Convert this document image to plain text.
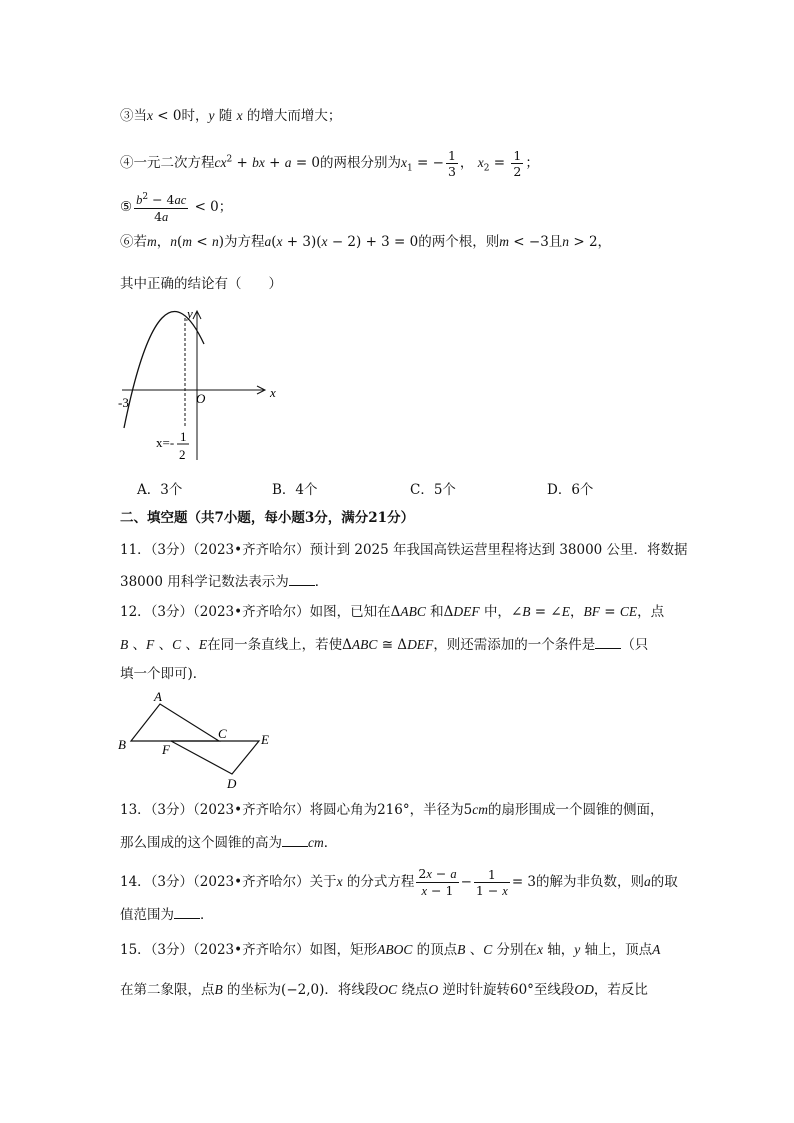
③当x < 0时，y 随 x 的增大而增大；
④一元二次方程$cx^2$ + bx + a = 0的两根分别为$x_1$ = − $\frac{1}{3}$ ， $x_2 = \frac{1}{2}$ ；
⑤ $\frac{b^2 - 4ac}{4a} < 0$；
⑥若m，n(m < n)为方程a(x + 3)(x − 2) + 3 = 0的两个根，则m < −3且n > 2，
其中正确的结论有（　　）
y
x
O
-3
x=- 1
2
A．3个	B．4个	C．5个	D．6个
二、填空题（共7小题，每小题3分，满分21分）
11．（3分）（2023•齐齐哈尔）预计到 2025 年我国高铁运营里程将达到 38000 公里．将数据
38000 用科学记数法表示为 ．
12．（3分）（2023•齐齐哈尔）如图，已知在ΔABC 和ΔDEF 中，∠B = ∠E，BF = CE，点
B 、F 、C 、E在同一条直线上，若使ΔABC ≅ ΔDEF，则还需添加的一个条件是 （只
填一个即可)．
A
B
C	E
F
D
13．（3分）（2023•齐齐哈尔）将圆心角为216°，半径为5cm的扇形围成一个圆锥的侧面，
那么围成的这个圆锥的高为 cm．
14．（3分）（2023•齐齐哈尔）关于x 的分式方程 $\frac{2x - a}{x - 1} - \frac{1}{1 - x} = 3$的解为非负数，则a的取
值范围为 ．
15．（3分）（2023•齐齐哈尔）如图，矩形ABOC 的顶点B 、C 分别在x 轴，y 轴上，顶点A
在第二象限，点B 的坐标为(−2,0)．将线段OC 绕点O 逆时针旋转60°至线段OD，若反比
